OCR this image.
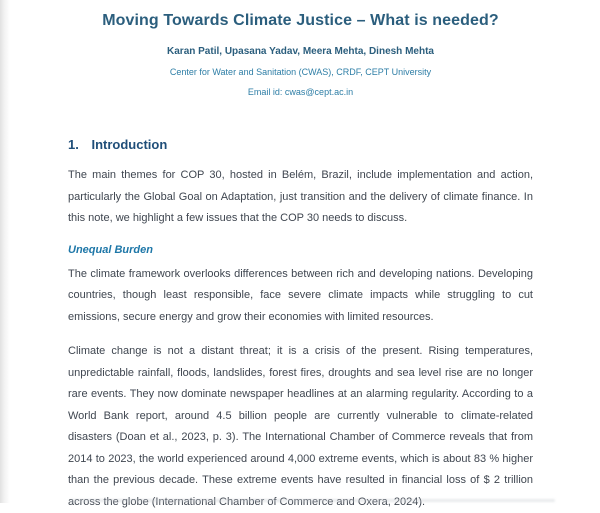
Moving Towards Climate Justice – What is needed?
Karan Patil, Upasana Yadav, Meera Mehta, Dinesh Mehta
Center for Water and Sanitation (CWAS), CRDF, CEPT University
Email id: cwas@cept.ac.in
1. Introduction

The main themes for COP 30, hosted in Belém, Brazil, include implementation and action, particularly the Global Goal on Adaptation, just transition and the delivery of climate finance. In this note, we highlight a few issues that the COP 30 needs to discuss.

Unequal Burden

The climate framework overlooks differences between rich and developing nations. Developing countries, though least responsible, face severe climate impacts while struggling to cut emissions, secure energy and grow their economies with limited resources.

Climate change is not a distant threat; it is a crisis of the present. Rising temperatures, unpredictable rainfall, floods, landslides, forest fires, droughts and sea level rise are no longer rare events. They now dominate newspaper headlines at an alarming regularity. According to a World Bank report, around 4.5 billion people are currently vulnerable to climate-related disasters (Doan et al., 2023, p. 3). The International Chamber of Commerce reveals that from 2014 to 2023, the world experienced around 4,000 extreme events, which is about 83 % higher than the previous decade. These extreme events have resulted in financial loss of $ 2 trillion across the globe (International Chamber of Commerce and Oxera, 2024).
